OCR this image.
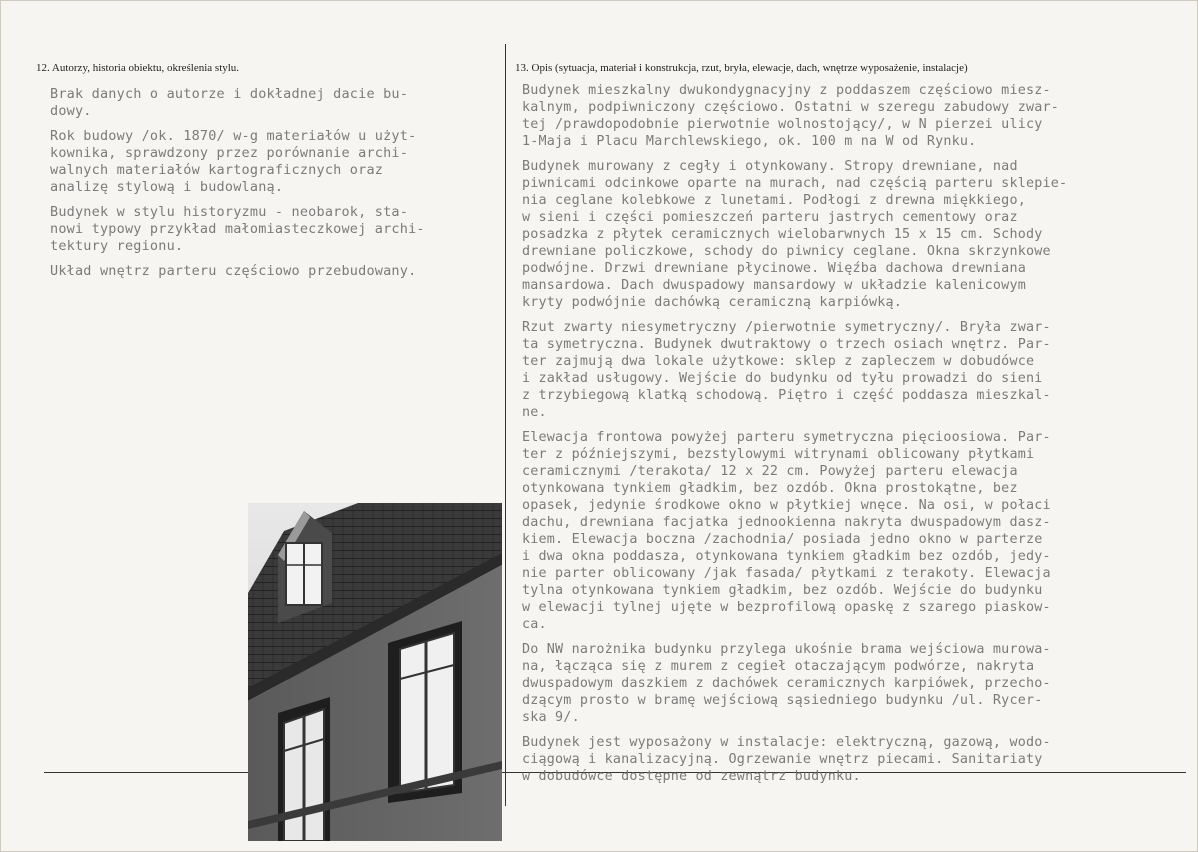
12. Autorzy, historia obiektu, określenia stylu.	13. Opis (sytuacja, materiał i konstrukcja, rzut, bryła, elewacje, dach, wnętrze wyposażenie, instalacje)

Brak danych o autorze i dokładnej dacie bu-
dowy.

Rok budowy /ok. 1870/ w-g materiałów u użyt-
kownika, sprawdzony przez porównanie archi-
walnych materiałów kartograficznych oraz
analizę stylową i budowlaną.

Budynek w stylu historyzmu - neobarok, sta-
nowi typowy przykład małomiasteczkowej archi-
tektury regionu.

Układ wnętrz parteru częściowo przebudowany.

Budynek mieszkalny dwukondygnacyjny z poddaszem częściowo miesz-
kalnym, podpiwniczony częściowo. Ostatni w szeregu zabudowy zwar-
tej /prawdopodobnie pierwotnie wolnostojący/, w N pierzei ulicy
1-Maja i Placu Marchlewskiego, ok. 100 m na W od Rynku.

Budynek murowany z cegły i otynkowany. Stropy drewniane, nad
piwnicami odcinkowe oparte na murach, nad częścią parteru sklepie-
nia ceglane kolebkowe z lunetami. Podłogi z drewna miękkiego,
w sieni i części pomieszczeń parteru jastrych cementowy oraz
posadzka z płytek ceramicznych wielobarwnych 15 x 15 cm. Schody
drewniane policzkowe, schody do piwnicy ceglane. Okna skrzynkowe
podwójne. Drzwi drewniane płycinowe. Więźba dachowa drewniana
mansardowa. Dach dwuspadowy mansardowy w układzie kalenicowym
kryty podwójnie dachówką ceramiczną karpiówką.

Rzut zwarty niesymetryczny /pierwotnie symetryczny/. Bryła zwar-
ta symetryczna. Budynek dwutraktowy o trzech osiach wnętrz. Par-
ter zajmują dwa lokale użytkowe: sklep z zapleczem w dobudówce
i zakład usługowy. Wejście do budynku od tyłu prowadzi do sieni
z trzybiegową klatką schodową. Piętro i część poddasza mieszkal-
ne.

Elewacja frontowa powyżej parteru symetryczna pięcioosiowa. Par-
ter z późniejszymi, bezstylowymi witrynami oblicowany płytkami
ceramicznymi /terakota/ 12 x 22 cm. Powyżej parteru elewacja
otynkowana tynkiem gładkim, bez ozdób. Okna prostokątne, bez
opasek, jedynie środkowe okno w płytkiej wnęce. Na osi, w połaci
dachu, drewniana facjatka jednookienna nakryta dwuspadowym dasz-
kiem. Elewacja boczna /zachodnia/ posiada jedno okno w parterze
i dwa okna poddasza, otynkowana tynkiem gładkim bez ozdób, jedy-
nie parter oblicowany /jak fasada/ płytkami z terakoty. Elewacja
tylna otynkowana tynkiem gładkim, bez ozdób. Wejście do budynku
w elewacji tylnej ujęte w bezprofilową opaskę z szarego piaskow-
ca.

Do NW narożnika budynku przylega ukośnie brama wejściowa murowa-
na, łącząca się z murem z cegieł otaczającym podwórze, nakryta
dwuspadowym daszkiem z dachówek ceramicznych karpiówek, przecho-
dzącym prosto w bramę wejściową sąsiedniego budynku /ul. Rycer-
ska 9/.

Budynek jest wyposażony w instalacje: elektryczną, gazową, wodo-
ciągową i kanalizacyjną. Ogrzewanie wnętrz piecami. Sanitariaty
w dobudówce dostępne od zewnątrz budynku.
